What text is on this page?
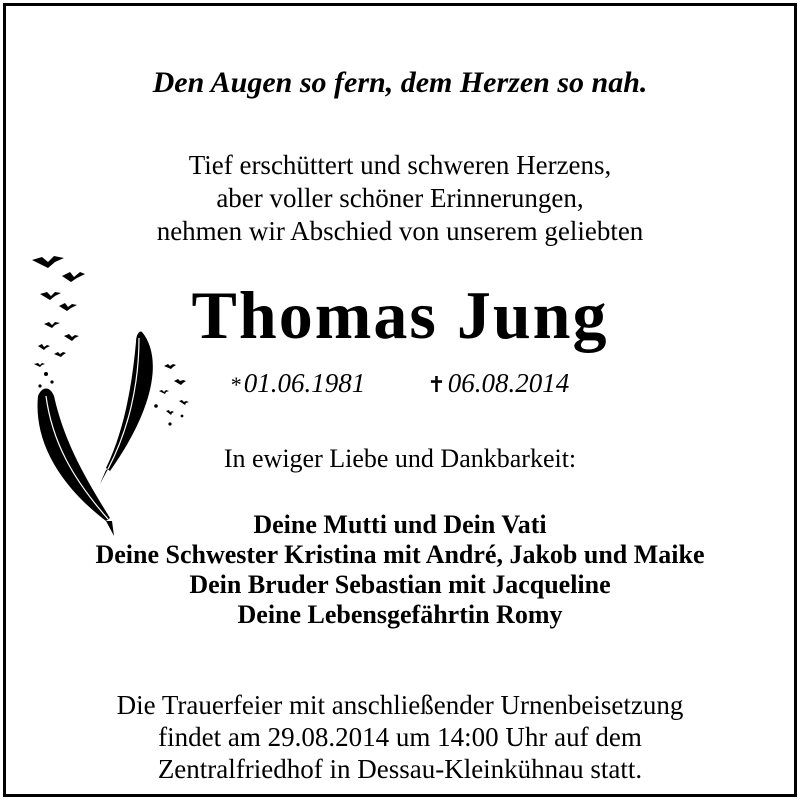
Den Augen so fern, dem Herzen so nah.
Tief erschüttert und schweren Herzens,
aber voller schöner Erinnerungen,
nehmen wir Abschied von unserem geliebten
Thomas Jung
*01.06.1981	✝06.08.2014
In ewiger Liebe und Dankbarkeit:
Deine Mutti und Dein Vati
Deine Schwester Kristina mit André, Jakob und Maike
Dein Bruder Sebastian mit Jacqueline
Deine Lebensgefährtin Romy
Die Trauerfeier mit anschließender Urnenbeisetzung
findet am 29.08.2014 um 14:00 Uhr auf dem
Zentralfriedhof in Dessau-Kleinkühnau statt.
